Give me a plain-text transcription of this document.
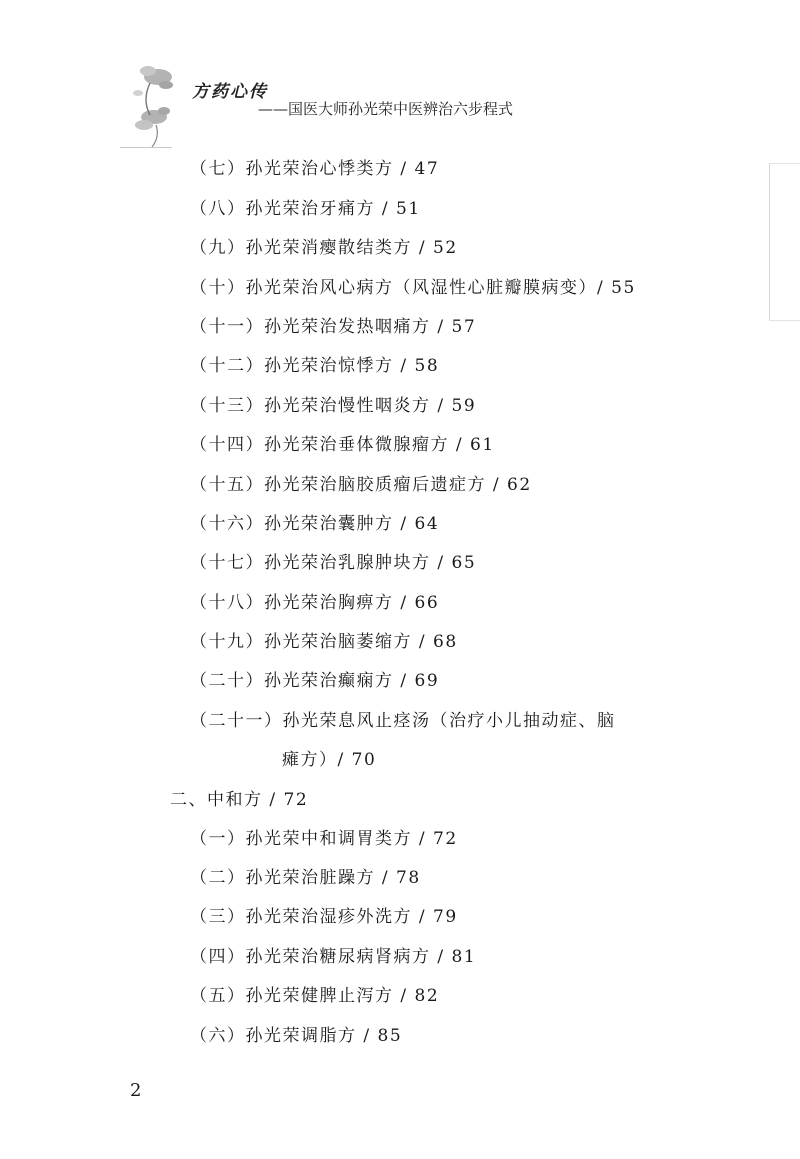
方药心传
——国医大师孙光荣中医辨治六步程式
（七）孙光荣治心悸类方 / 47
（八）孙光荣治牙痛方 / 51
（九）孙光荣消瘿散结类方 / 52
（十）孙光荣治风心病方（风湿性心脏瓣膜病变）/ 55
（十一）孙光荣治发热咽痛方 / 57
（十二）孙光荣治惊悸方 / 58
（十三）孙光荣治慢性咽炎方 / 59
（十四）孙光荣治垂体微腺瘤方 / 61
（十五）孙光荣治脑胶质瘤后遗症方 / 62
（十六）孙光荣治囊肿方 / 64
（十七）孙光荣治乳腺肿块方 / 65
（十八）孙光荣治胸痹方 / 66
（十九）孙光荣治脑萎缩方 / 68
（二十）孙光荣治癫痫方 / 69
（二十一）孙光荣息风止痉汤（治疗小儿抽动症、脑
瘫方）/ 70
二、中和方 / 72
（一）孙光荣中和调胃类方 / 72
（二）孙光荣治脏躁方 / 78
（三）孙光荣治湿疹外洗方 / 79
（四）孙光荣治糖尿病肾病方 / 81
（五）孙光荣健脾止泻方 / 82
（六）孙光荣调脂方 / 85
2
